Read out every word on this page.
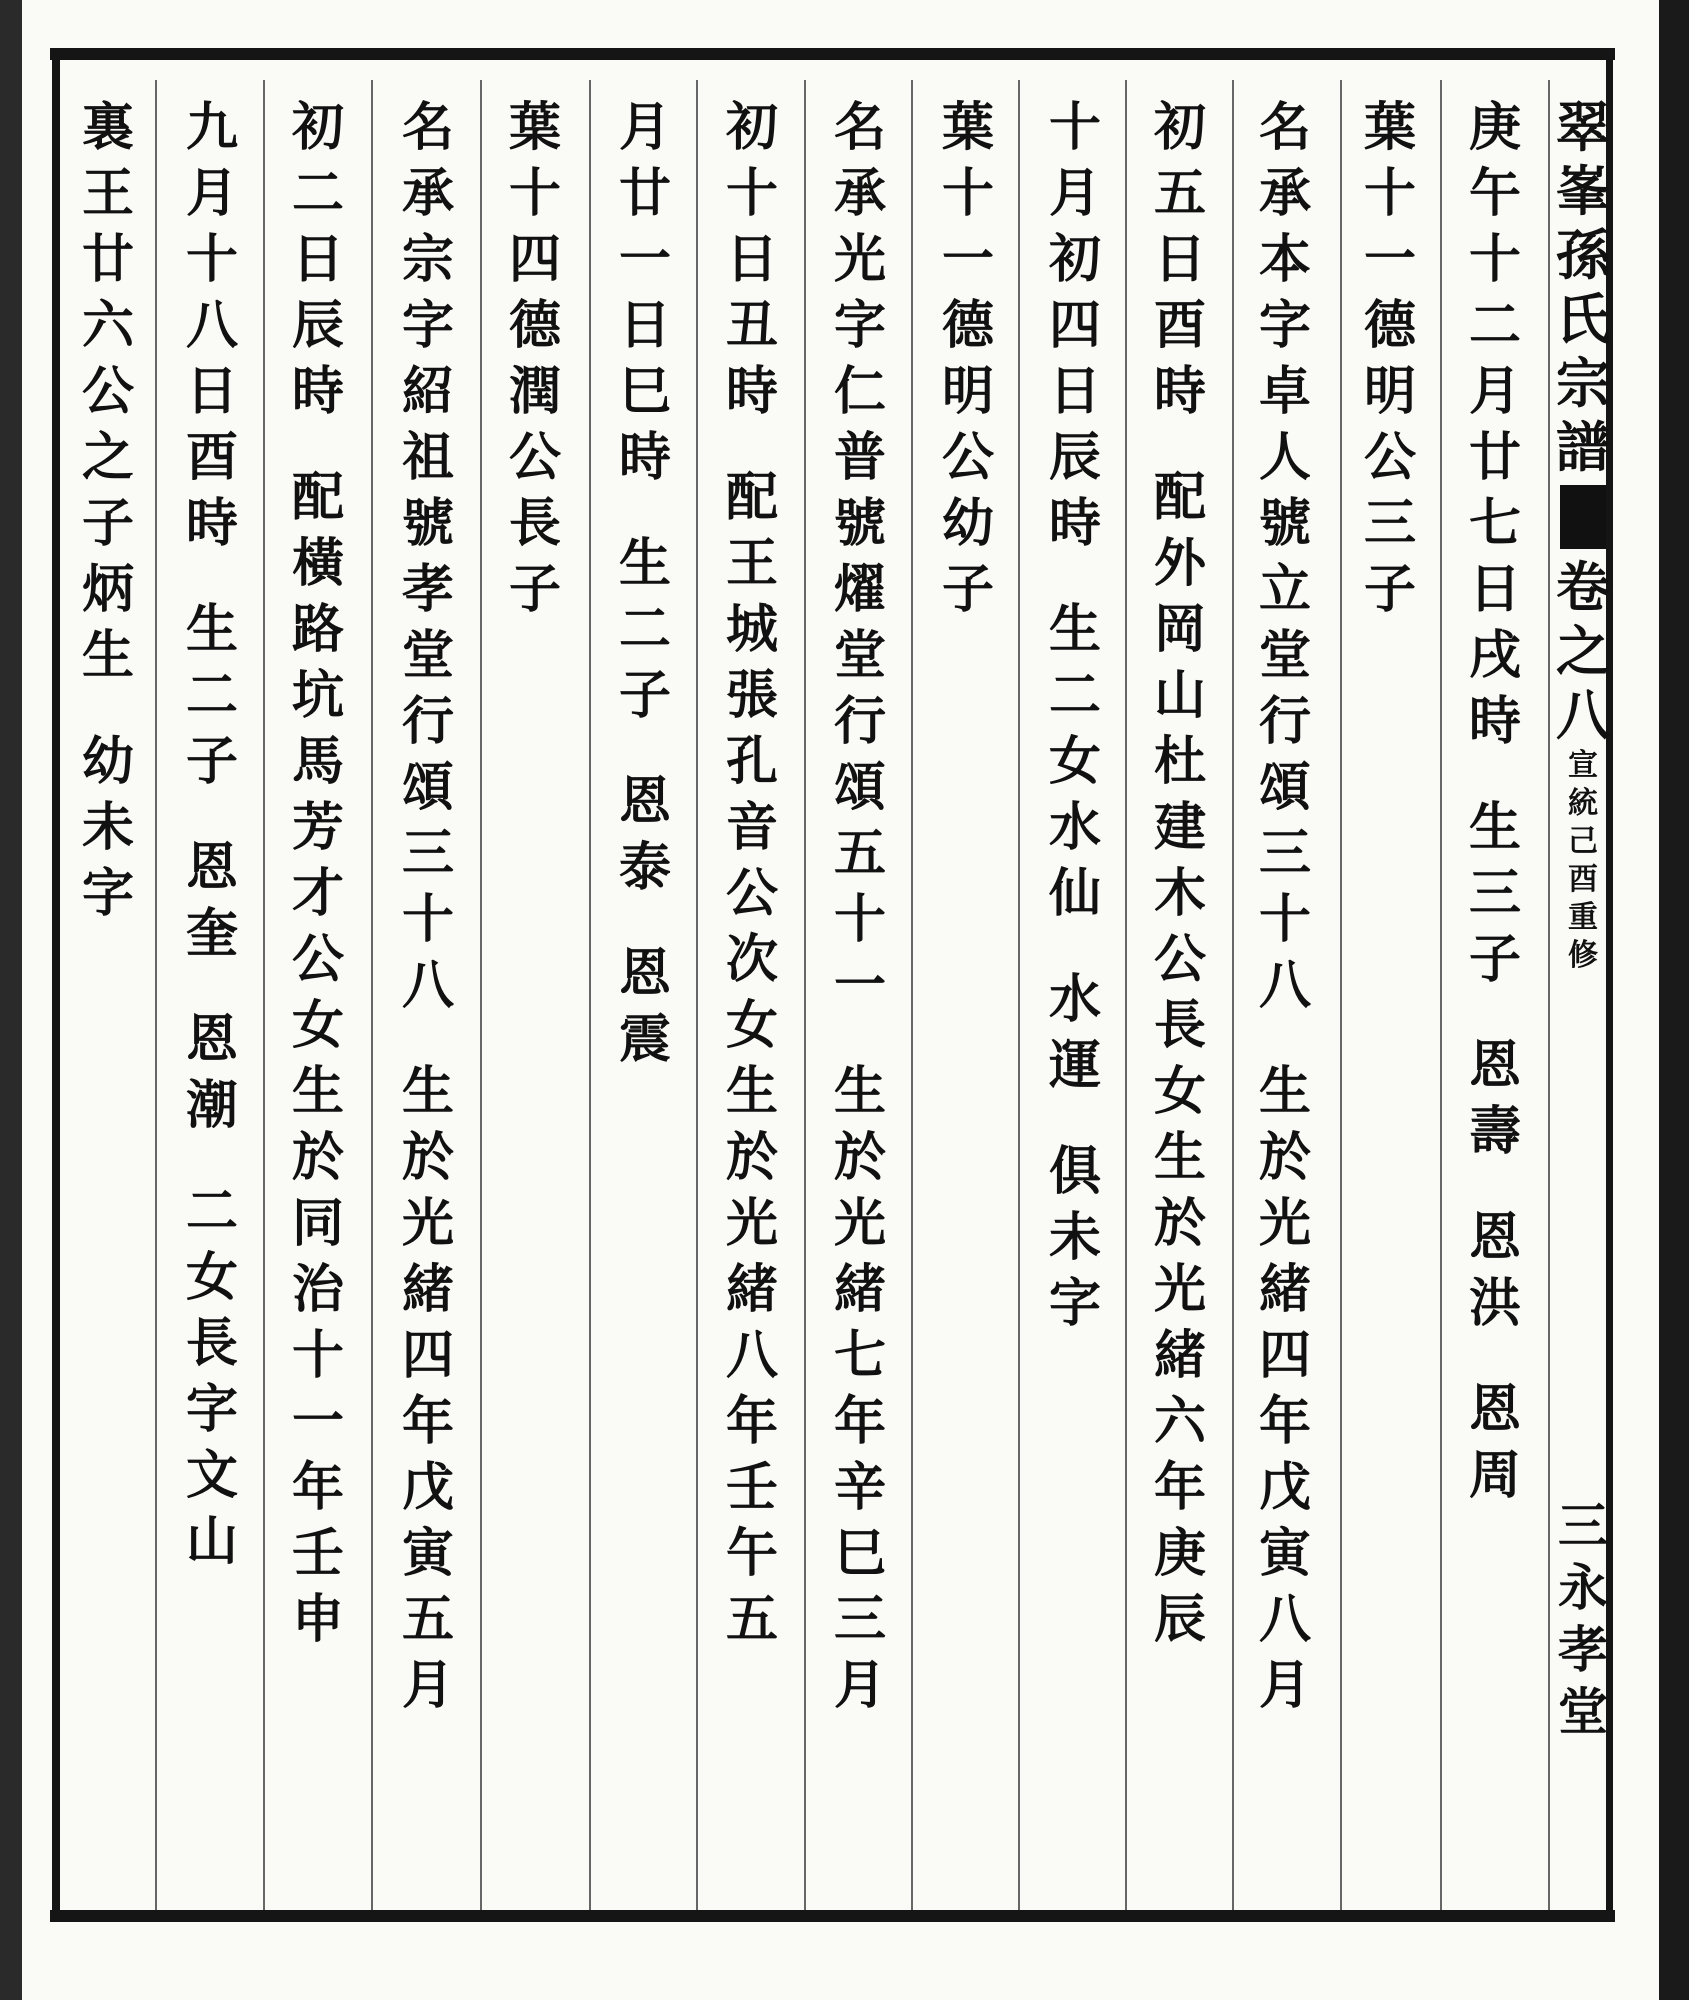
翠
峯
孫
氏
宗
譜
卷
之
八
宣
統
己
酉
重
修
三
永
孝
堂
庚
午
十
二
月
廿
七
日
戌
時
生
三
子
恩
壽
恩
洪
恩
周
葉
十
一
德
明
公
三
子
名
承
本
字
卓
人
號
立
堂
行
頌
三
十
八
生
於
光
緒
四
年
戊
寅
八
月
初
五
日
酉
時
配
外
岡
山
杜
建
木
公
長
女
生
於
光
緒
六
年
庚
辰
十
月
初
四
日
辰
時
生
二
女
水
仙
水
運
俱
未
字
葉
十
一
德
明
公
幼
子
名
承
光
字
仁
普
號
燿
堂
行
頌
五
十
一
生
於
光
緒
七
年
辛
巳
三
月
初
十
日
丑
時
配
王
城
張
孔
音
公
次
女
生
於
光
緒
八
年
壬
午
五
月
廿
一
日
巳
時
生
二
子
恩
泰
恩
震
葉
十
四
德
潤
公
長
子
名
承
宗
字
紹
祖
號
孝
堂
行
頌
三
十
八
生
於
光
緒
四
年
戊
寅
五
月
初
二
日
辰
時
配
橫
路
坑
馬
芳
才
公
女
生
於
同
治
十
一
年
壬
申
九
月
十
八
日
酉
時
生
二
子
恩
奎
恩
潮
二
女
長
字
文
山
裏
王
廿
六
公
之
子
炳
生
幼
未
字
